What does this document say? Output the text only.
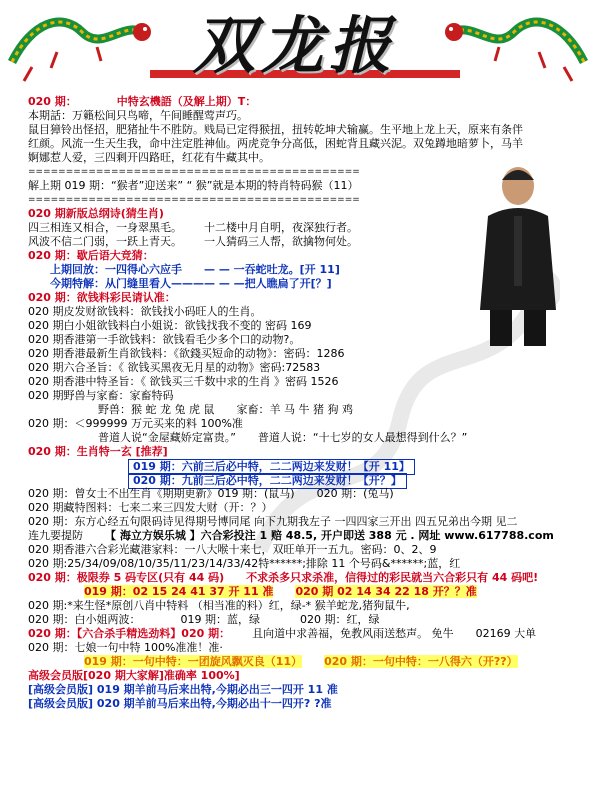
双龙报
020 期：	中特玄機語（及解上期）T：
本期話：万籟松间只鸟啼，午间睡醒莺声巧。
鼠目獐铃出怪招，肥猪扯牛不胜防。贱局已定得猴扭，扭转乾坤犬输赢。生平地上龙上天，原来有条伴
红颜。风流一生天生我，命中注定胜神仙。两虎竞争分高低，困蛇背且藏兴泥。双兔蹲地暗萝卜，马羊
婀娜惹人爱，三四剩开四路旺，红花有牛藏其中。
============================================
解上期 019 期：“猴者”迎送来” “ 猴”就是本期的特肖特码猴（11）
============================================
020 期新版总纲诗(猜生肖)
四三相连又相合，一身翠黑毛。 十二楼中月自明，夜深独行者。
风波不信二门弱，一跃上青天。 一人猜码三人帮，欲擒物何处。
020 期：歇后语大竞猜：
上期回放：一四得心六应手 — — 一吞蛇吐龙。[开 11]
今期特解：从门缝里看人———— — —把人瞧扁了开[？]
020 期：欲钱料彩民请认准：
020 期皮发财欲钱料：欲钱找小码旺人的生肖。
020 期白小姐欲钱料白小姐说：欲钱找我不变的 密码 169
020 期香港第一手欲钱料：欲钱看毛少多个口的动物?。
020 期香港最新生肖欲钱料：《欲錢买短命的动物》：密码：1286
020 期六合圣旨：《 欲钱买黑夜无月星的动物》密码:72583
020 期香港中特圣旨：《 欲钱买三千数中求的生肖 》密码 1526
020 期野兽与家畜：家畜特码
野兽：猴 蛇 龙 兔 虎 鼠 家畜：羊 马 牛 猪 狗 鸡
020 期：＜999999 万元买来的料 100%准
普道人说“金屋藏娇定富贵。” 普道人说：“十七岁的女人最想得到什么？”
020 期：生肖特一玄 [推荐]
019 期：六前三后必中特，二二两边来发财！【开 11】
020 期：九前三后必中特，二二两边来发财！【开？】
020 期：曾女士不出生肖《期期更新》019 期：(鼠马) 020 期：(兔马)
020 期藏特图料：七来二来三四发大财（开：？）
020 期：东方心经五句限码诗见得期号博同尾 向下九期我左子 一四四家三开出 四五兄弟出今期 见二
连九要提防 【 海立方娱乐城 】六合彩投注 1 赔 48.5, 开户即送 388 元 . 网址 www.617788.com
020 期香港六合彩光藏港家料：一八大喉十来七，双旺单开一五九。密码：0、2、9
020 期:25/34/09/08/10/35/11/23/14/33/42特******;排除 11 个号码&******;蓝，红
020 期：极限券 5 码专区(只有 44 码) 不求杀多只求杀准，信得过的彩民就当六合彩只有 44 码吧!
019 期：02 15 24 41 37 开 11 准 020 期 02 14 34 22 18 开？？准
020 期:*来生怪*原创八肖中特料 （相当准的料）红，绿-* 猴羊蛇龙,猪狗鼠牛,
020 期：白小姐两波：	019 期：蓝，绿	020 期：红，绿
020 期：【六合杀手精选劲料】020 期： 且向道中求善福，免教风雨送愁声。 免牛 02169 大单
020 期：七娘一句中特 100%准准！准·
019 期：一句中特：一团旋风飘灭良（11） 020 期：一句中特：一八得六（开??）
高级会员版[020 期大家解]准确率 100%]
[高级会员版] 019 期羊前马后来出特,今期必出三一四开 11 准
[高级会员版] 020 期羊前马后来出特,今期必出十一四开? ?准
